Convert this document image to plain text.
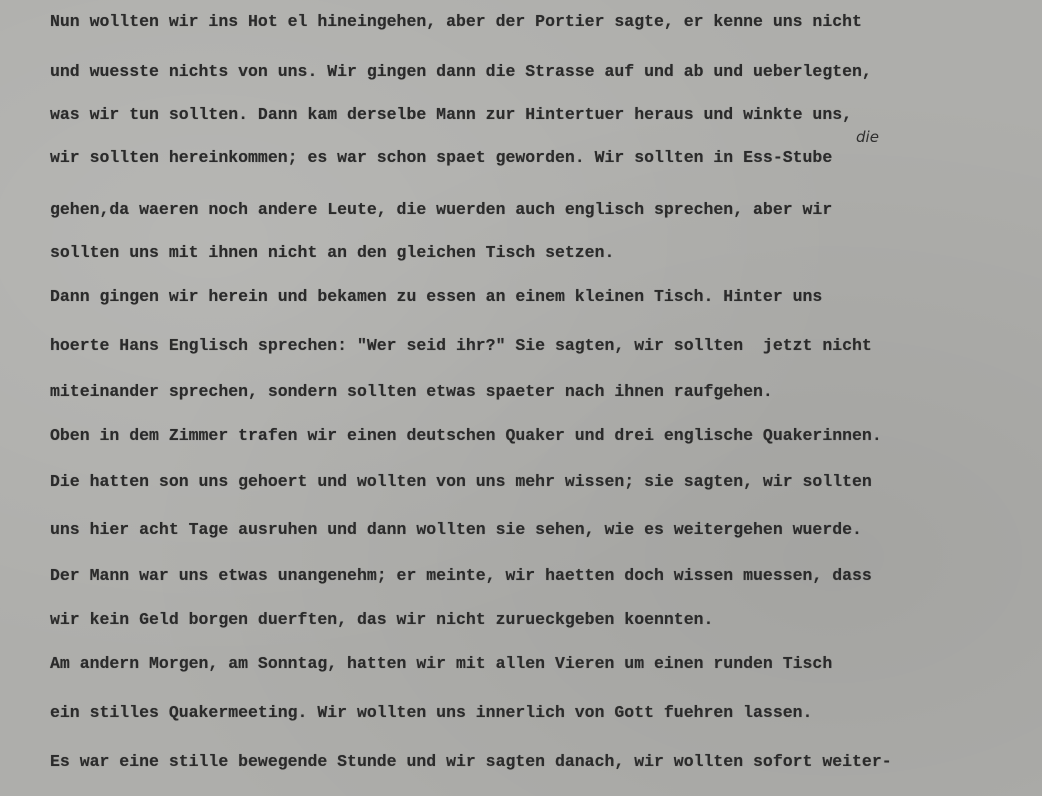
Nun wollten wir ins Hot el hineingehen, aber der Portier sagte, er kenne uns nicht

und wuesste nichts von uns. Wir gingen dann die Strasse auf und ab und ueberlegten,

was wir tun sollten. Dann kam derselbe Mann zur Hintertuer heraus und winkte uns,

die

wir sollten hereinkommen; es war schon spaet geworden. Wir sollten in Ess-Stube

gehen,da waeren noch andere Leute, die wuerden auch englisch sprechen, aber wir

sollten uns mit ihnen nicht an den gleichen Tisch setzen.

Dann gingen wir herein und bekamen zu essen an einem kleinen Tisch. Hinter uns

hoerte Hans Englisch sprechen: "Wer seid ihr?" Sie sagten, wir sollten  jetzt nicht

miteinander sprechen, sondern sollten etwas spaeter nach ihnen raufgehen.

Oben in dem Zimmer trafen wir einen deutschen Quaker und drei englische Quakerinnen.

Die hatten son uns gehoert und wollten von uns mehr wissen; sie sagten, wir sollten

uns hier acht Tage ausruhen und dann wollten sie sehen, wie es weitergehen wuerde.

Der Mann war uns etwas unangenehm; er meinte, wir haetten doch wissen muessen, dass

wir kein Geld borgen duerften, das wir nicht zurueckgeben koennten.

Am andern Morgen, am Sonntag, hatten wir mit allen Vieren um einen runden Tisch

ein stilles Quakermeeting. Wir wollten uns innerlich von Gott fuehren lassen.

Es war eine stille bewegende Stunde und wir sagten danach, wir wollten sofort weiter-
